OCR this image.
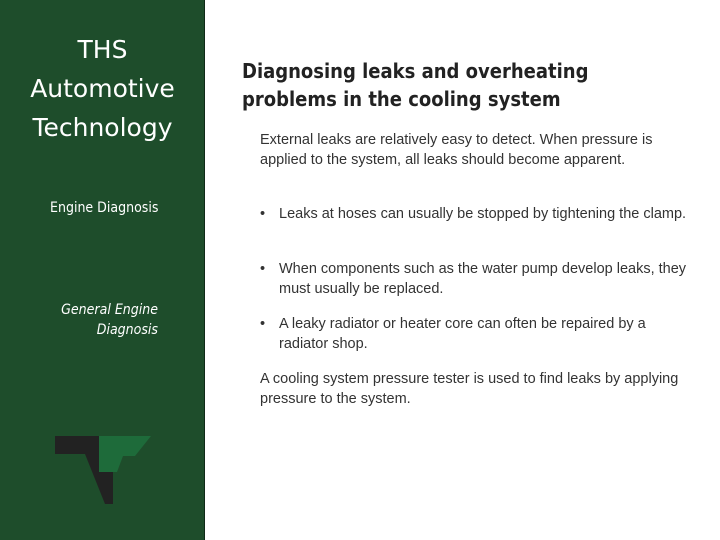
THS
Automotive
Technology
Engine Diagnosis
General Engine
Diagnosis
Diagnosing leaks and overheating
problems in the cooling system
External leaks are relatively easy to detect. When pressure is applied to the system, all leaks should become apparent.
• Leaks at hoses can usually be stopped by tightening the clamp.
• When components such as the water pump develop leaks, they must usually be replaced.
• A leaky radiator or heater core can often be repaired by a radiator shop.
A cooling system pressure tester is used to find leaks by applying pressure to the system.
